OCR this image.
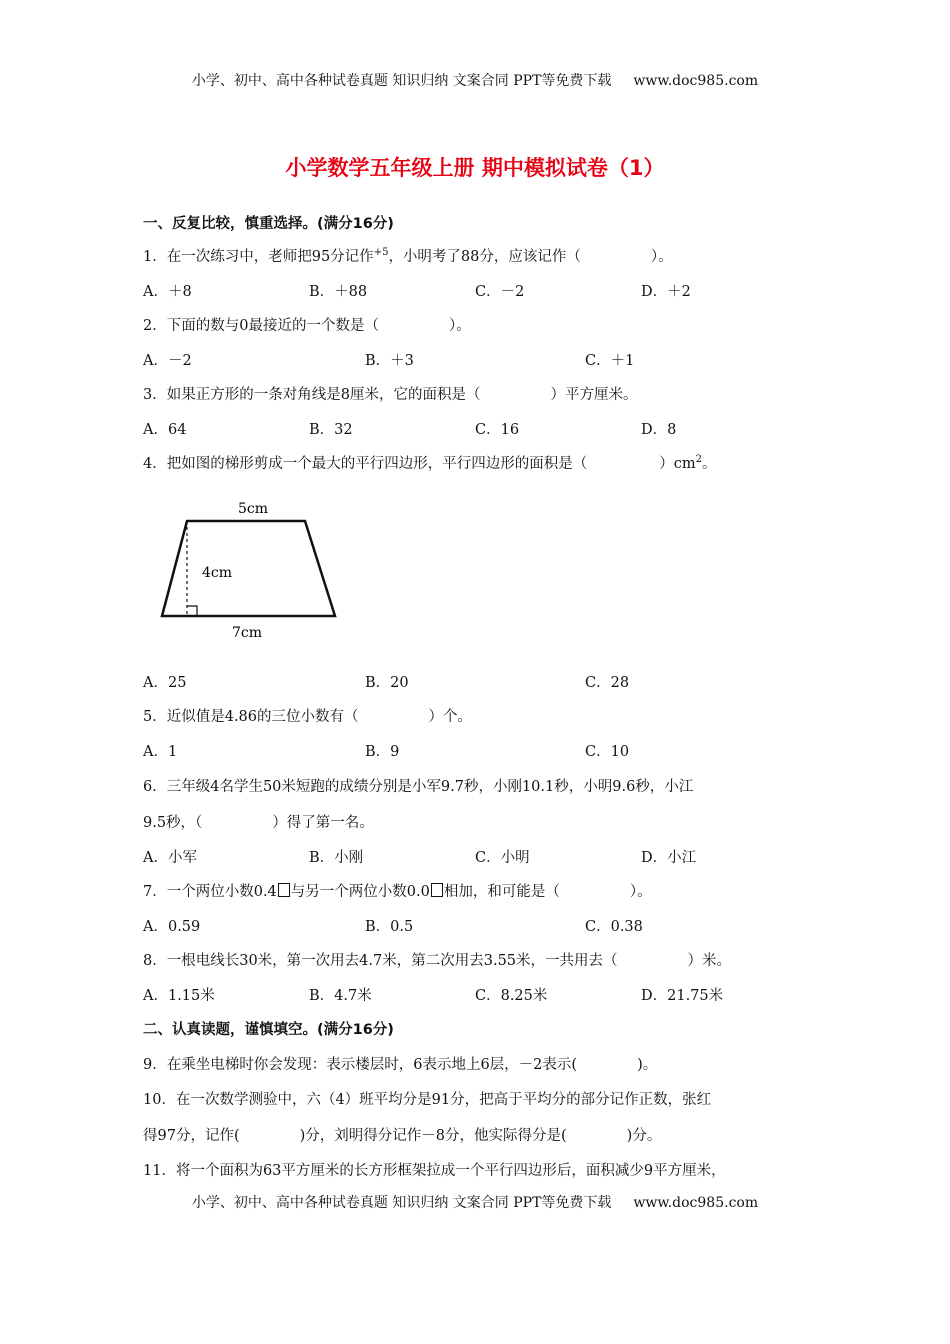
小学、初中、高中各种试卷真题 知识归纳 文案合同 PPT等免费下载 www.doc985.com
小学数学五年级上册 期中模拟试卷（1）
一、反复比较，慎重选择。(满分16分)
1．在一次练习中，老师把95分记作$^{+5}$，小明考了88分，应该记作（	）。
A．＋8	B．＋88	C．－2	D．＋2
2．下面的数与0最接近的一个数是（	）。
A．－2	B．＋3	C．＋1
3．如果正方形的一条对角线是8厘米，它的面积是（	）平方厘米。
A．64	B．32	C．16	D．8
4．把如图的梯形剪成一个最大的平行四边形，平行四边形的面积是（	）$cm^2$。
5cm
4cm
7cm
A．25	B．20	C．28
5．近似值是4.86的三位小数有（	）个。
A．1	B．9	C．10
6．三年级4名学生50米短跑的成绩分别是小军9.7秒，小刚10.1秒，小明9.6秒，小江
9.5秒，（	）得了第一名。
A．小军	B．小刚	C．小明	D．小江
7．一个两位小数0.4 与另一个两位小数0.0 相加，和可能是（	）。
A．0.59	B．0.5	C．0.38
8．一根电线长30米，第一次用去4.7米，第二次用去3.55米，一共用去（	）米。
A．1.15米	B．4.7米	C．8.25米	D．21.75米
二、认真读题，谨慎填空。(满分16分)
9．在乘坐电梯时你会发现：表示楼层时，6表示地上6层，－2表示(	)。
10．在一次数学测验中，六（4）班平均分是91分，把高于平均分的部分记作正数，张红
得97分，记作(	)分，刘明得分记作－8分，他实际得分是(	)分。
11．将一个面积为63平方厘米的长方形框架拉成一个平行四边形后，面积减少9平方厘米，
小学、初中、高中各种试卷真题 知识归纳 文案合同 PPT等免费下载 www.doc985.com
